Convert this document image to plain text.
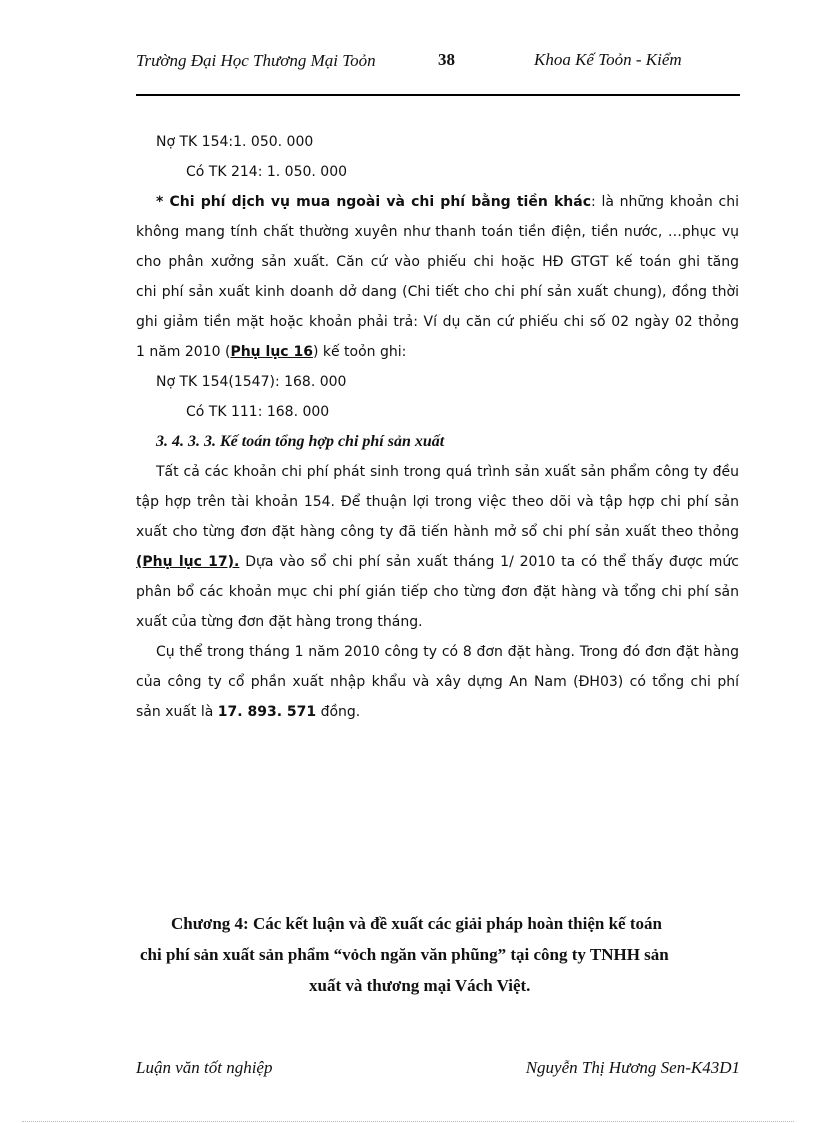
Trường Đại Học Thương Mại Toỏn	38	Khoa Kế Toỏn - Kiểm
Nợ TK 154:1. 050. 000
Có TK 214: 1. 050. 000
* Chi phí dịch vụ mua ngoài và chi phí bằng tiền khác: là những khoản chi
không mang tính chất thường xuyên như thanh toán tiền điện, tiền nước, …phục vụ
cho phân xưởng sản xuất. Căn cứ vào phiếu chi hoặc HĐ GTGT kế toán ghi tăng
chi phí sản xuất kinh doanh dở dang (Chi tiết cho chi phí sản xuất chung), đồng thời
ghi giảm tiền mặt hoặc khoản phải trả: Ví dụ căn cứ phiếu chi số 02 ngày 02 thỏng
1 năm 2010 (Phụ lục 16) kế toỏn ghi:
Nợ TK 154(1547): 168. 000
Có TK 111: 168. 000
3. 4. 3. 3. Kế toán tổng hợp chi phí sản xuất
Tất cả các khoản chi phí phát sinh trong quá trình sản xuất sản phẩm công ty đều
tập hợp trên tài khoản 154. Để thuận lợi trong việc theo dõi và tập hợp chi phí sản
xuất cho từng đơn đặt hàng công ty đã tiến hành mở sổ chi phí sản xuất theo thỏng
(Phụ lục 17). Dựa vào sổ chi phí sản xuất tháng 1/ 2010 ta có thể thấy được mức
phân bổ các khoản mục chi phí gián tiếp cho từng đơn đặt hàng và tổng chi phí sản
xuất của từng đơn đặt hàng trong tháng.
Cụ thể trong tháng 1 năm 2010 công ty có 8 đơn đặt hàng. Trong đó đơn đặt hàng
của công ty cổ phần xuất nhập khẩu và xây dựng An Nam (ĐH03) có tổng chi phí
sản xuất là 17. 893. 571 đồng.
Chương 4: Các kết luận và đề xuất các giải pháp hoàn thiện kế toán
chi phí sản xuất sản phẩm “vỏch ngăn văn phũng” tại công ty TNHH sản
xuất và thương mại Vách Việt.
Luận văn tốt nghiệp	Nguyễn Thị Hương Sen-K43D1
